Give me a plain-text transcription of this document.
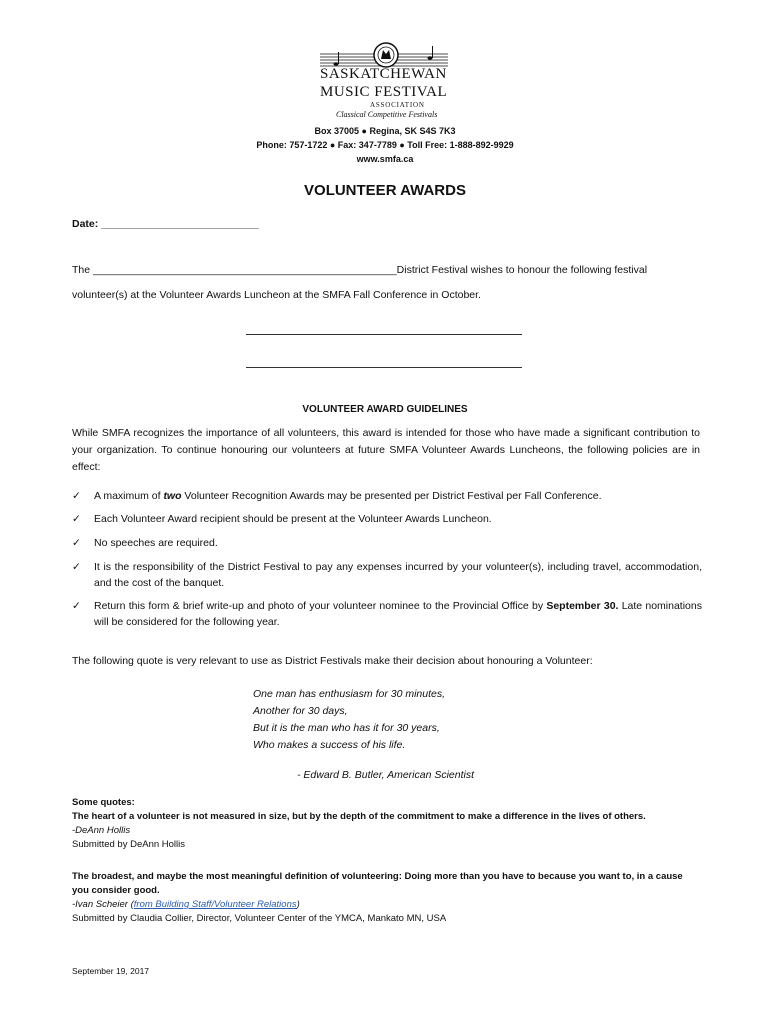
SASKATCHEWAN
MUSIC FESTIVAL
ASSOCIATION
Classical Competitive Festivals
Box 37005 ● Regina, SK S4S 7K3
Phone: 757-1722 ● Fax: 347-7789 ● Toll Free: 1-888-892-9929
www.smfa.ca
VOLUNTEER AWARDS
Date: ___________________________
The ____________________________________________________District Festival wishes to honour the following festival
volunteer(s) at the Volunteer Awards Luncheon at the SMFA Fall Conference in October.
VOLUNTEER AWARD GUIDELINES
While SMFA recognizes the importance of all volunteers, this award is intended for those who have made a significant contribution to your organization. To continue honouring our volunteers at future SMFA Volunteer Awards Luncheons, the following policies are in effect:
✓ A maximum of two Volunteer Recognition Awards may be presented per District Festival per Fall Conference.
✓ Each Volunteer Award recipient should be present at the Volunteer Awards Luncheon.
✓ No speeches are required.
✓ It is the responsibility of the District Festival to pay any expenses incurred by your volunteer(s), including travel, accommodation, and the cost of the banquet.
✓ Return this form & brief write-up and photo of your volunteer nominee to the Provincial Office by September 30. Late nominations will be considered for the following year.
The following quote is very relevant to use as District Festivals make their decision about honouring a Volunteer:
One man has enthusiasm for 30 minutes,
Another for 30 days,
But it is the man who has it for 30 years,
Who makes a success of his life.
- Edward B. Butler, American Scientist
Some quotes:
The heart of a volunteer is not measured in size, but by the depth of the commitment to make a difference in the lives of others.
-DeAnn Hollis
Submitted by DeAnn Hollis
The broadest, and maybe the most meaningful definition of volunteering: Doing more than you have to because you want to, in a cause you consider good.
-Ivan Scheier (from Building Staff/Volunteer Relations)
Submitted by Claudia Collier, Director, Volunteer Center of the YMCA, Mankato MN, USA
September 19, 2017
